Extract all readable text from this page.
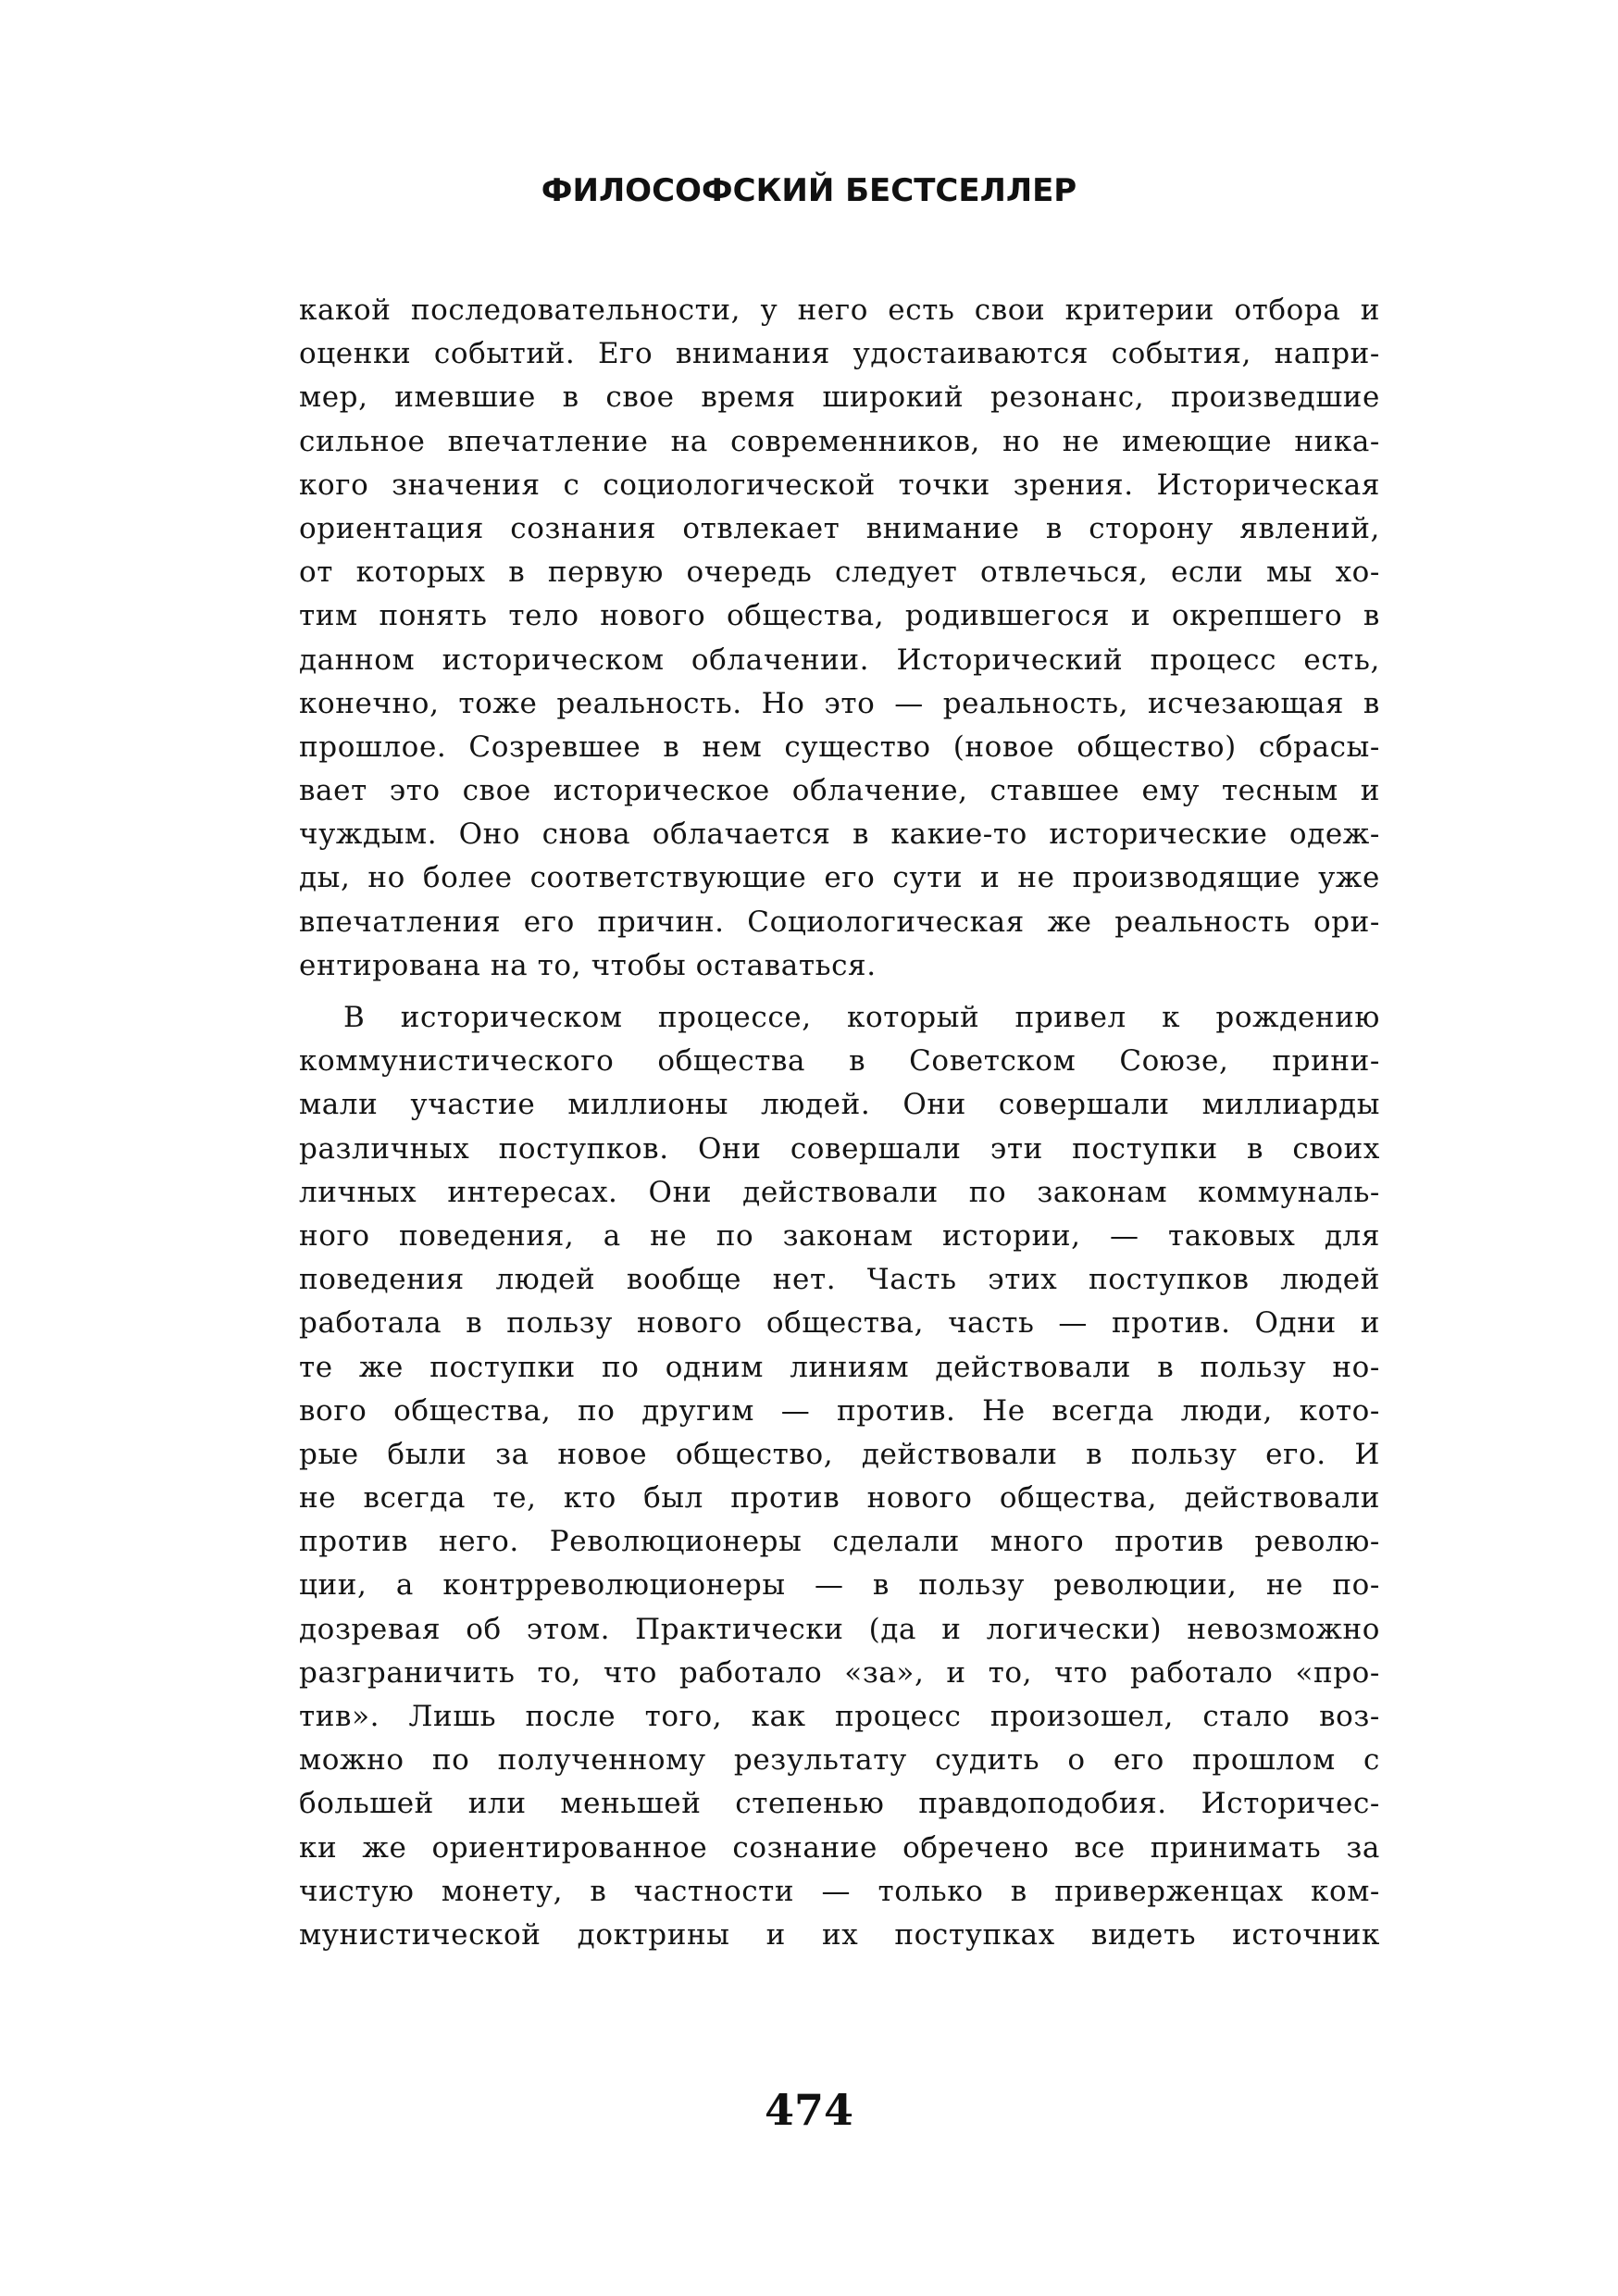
ФИЛОСОФСКИЙ БЕСТСЕЛЛЕР
какой последовательности, у него есть свои критерии отбора и
оценки событий. Его внимания удостаиваются события, напри-
мер, имевшие в свое время широкий резонанс, произведшие
сильное впечатление на современников, но не имеющие ника-
кого значения с социологической точки зрения. Историческая
ориентация сознания отвлекает внимание в сторону явлений,
от которых в первую очередь следует отвлечься, если мы хо-
тим понять тело нового общества, родившегося и окрепшего в
данном историческом облачении. Исторический процесс есть,
конечно, тоже реальность. Но это — реальность, исчезающая в
прошлое. Созревшее в нем существо (новое общество) сбрасы-
вает это свое историческое облачение, ставшее ему тесным и
чуждым. Оно снова облачается в какие-то исторические одеж-
ды, но более соответствующие его сути и не производящие уже
впечатления его причин. Социологическая же реальность ори-
ентирована на то, чтобы оставаться.
В историческом процессе, который привел к рождению
коммунистического общества в Советском Союзе, прини-
мали участие миллионы людей. Они совершали миллиарды
различных поступков. Они совершали эти поступки в своих
личных интересах. Они действовали по законам коммуналь-
ного поведения, а не по законам истории, — таковых для
поведения людей вообще нет. Часть этих поступков людей
работала в пользу нового общества, часть — против. Одни и
те же поступки по одним линиям действовали в пользу но-
вого общества, по другим — против. Не всегда люди, кото-
рые были за новое общество, действовали в пользу его. И
не всегда те, кто был против нового общества, действовали
против него. Революционеры сделали много против револю-
ции, а контрреволюционеры — в пользу революции, не по-
дозревая об этом. Практически (да и логически) невозможно
разграничить то, что работало «за», и то, что работало «про-
тив». Лишь после того, как процесс произошел, стало воз-
можно по полученному результату судить о его прошлом с
большей или меньшей степенью правдоподобия. Историчес-
ки же ориентированное сознание обречено все принимать за
чистую монету, в частности — только в приверженцах ком-
мунистической доктрины и их поступках видеть источник
474
